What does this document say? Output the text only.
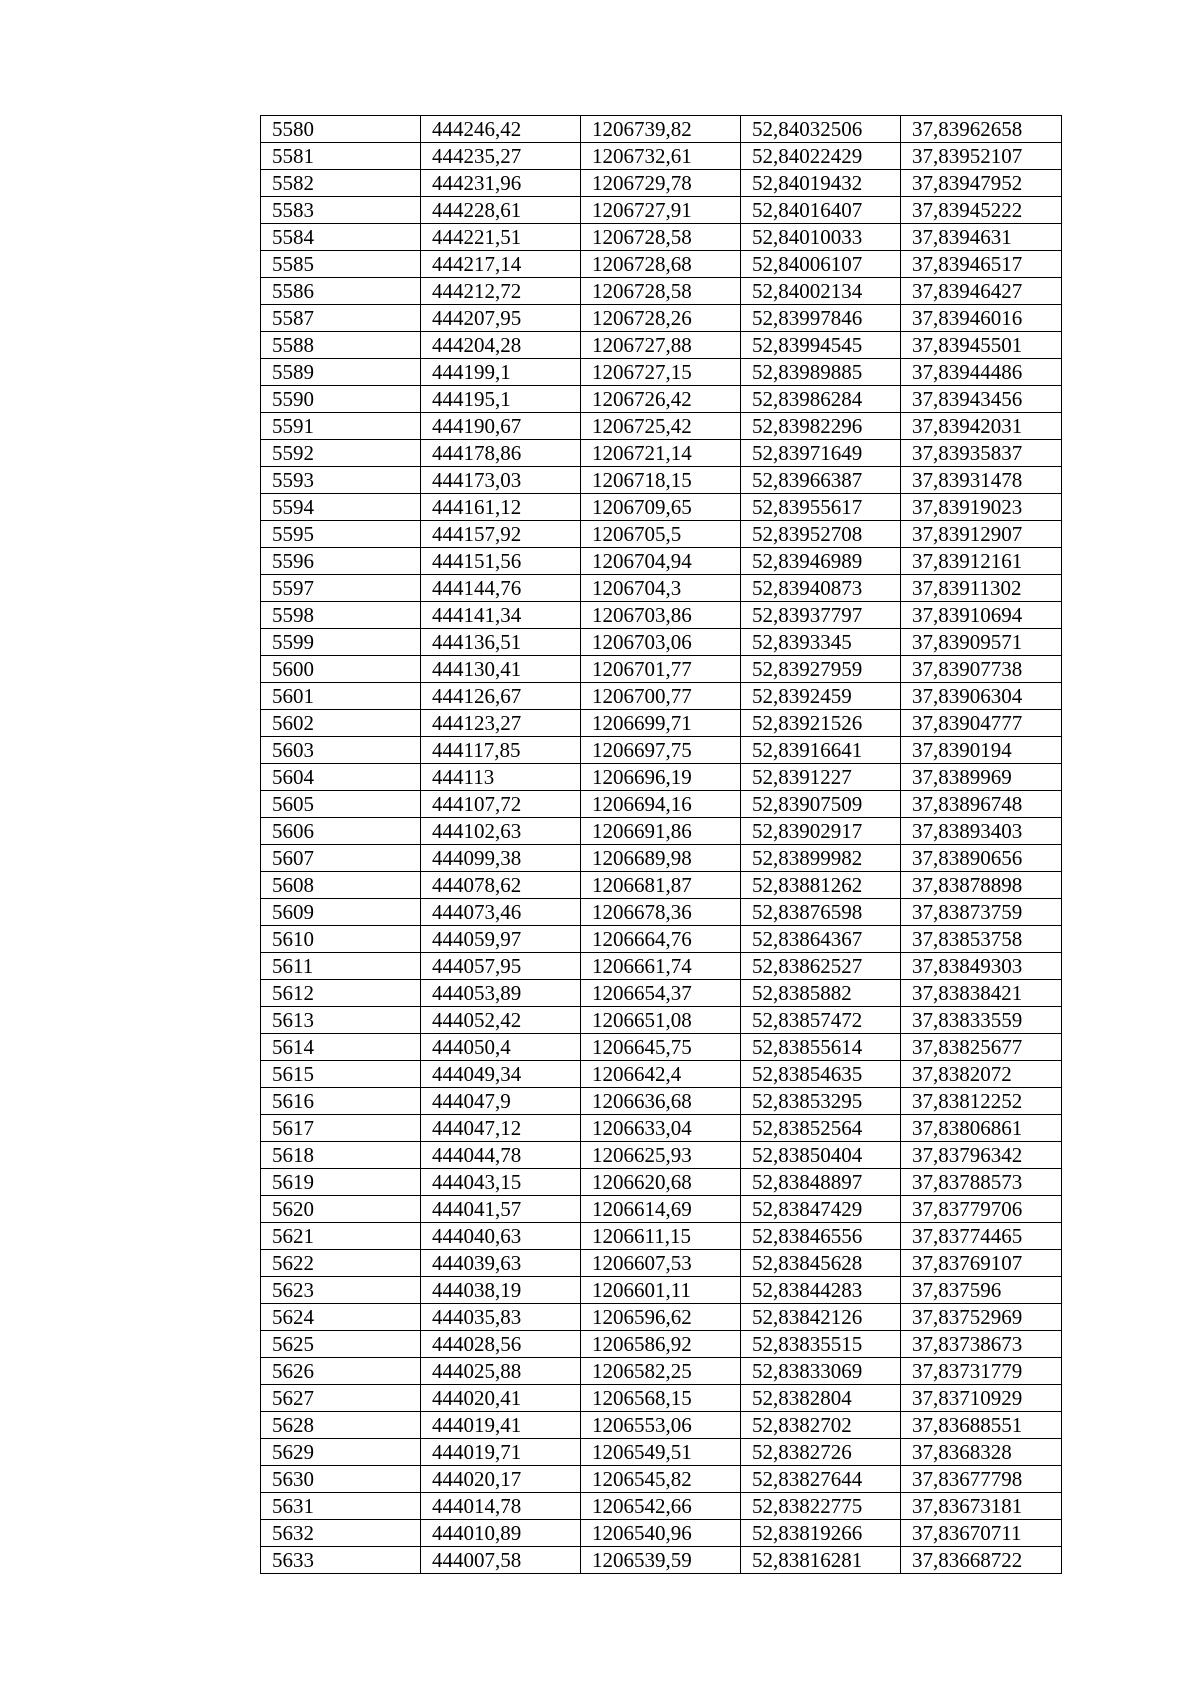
5580	444246,42	1206739,82	52,84032506	37,83962658
5581	444235,27	1206732,61	52,84022429	37,83952107
5582	444231,96	1206729,78	52,84019432	37,83947952
5583	444228,61	1206727,91	52,84016407	37,83945222
5584	444221,51	1206728,58	52,84010033	37,8394631
5585	444217,14	1206728,68	52,84006107	37,83946517
5586	444212,72	1206728,58	52,84002134	37,83946427
5587	444207,95	1206728,26	52,83997846	37,83946016
5588	444204,28	1206727,88	52,83994545	37,83945501
5589	444199,1	1206727,15	52,83989885	37,83944486
5590	444195,1	1206726,42	52,83986284	37,83943456
5591	444190,67	1206725,42	52,83982296	37,83942031
5592	444178,86	1206721,14	52,83971649	37,83935837
5593	444173,03	1206718,15	52,83966387	37,83931478
5594	444161,12	1206709,65	52,83955617	37,83919023
5595	444157,92	1206705,5	52,83952708	37,83912907
5596	444151,56	1206704,94	52,83946989	37,83912161
5597	444144,76	1206704,3	52,83940873	37,83911302
5598	444141,34	1206703,86	52,83937797	37,83910694
5599	444136,51	1206703,06	52,8393345	37,83909571
5600	444130,41	1206701,77	52,83927959	37,83907738
5601	444126,67	1206700,77	52,8392459	37,83906304
5602	444123,27	1206699,71	52,83921526	37,83904777
5603	444117,85	1206697,75	52,83916641	37,8390194
5604	444113	1206696,19	52,8391227	37,8389969
5605	444107,72	1206694,16	52,83907509	37,83896748
5606	444102,63	1206691,86	52,83902917	37,83893403
5607	444099,38	1206689,98	52,83899982	37,83890656
5608	444078,62	1206681,87	52,83881262	37,83878898
5609	444073,46	1206678,36	52,83876598	37,83873759
5610	444059,97	1206664,76	52,83864367	37,83853758
5611	444057,95	1206661,74	52,83862527	37,83849303
5612	444053,89	1206654,37	52,8385882	37,83838421
5613	444052,42	1206651,08	52,83857472	37,83833559
5614	444050,4	1206645,75	52,83855614	37,83825677
5615	444049,34	1206642,4	52,83854635	37,8382072
5616	444047,9	1206636,68	52,83853295	37,83812252
5617	444047,12	1206633,04	52,83852564	37,83806861
5618	444044,78	1206625,93	52,83850404	37,83796342
5619	444043,15	1206620,68	52,83848897	37,83788573
5620	444041,57	1206614,69	52,83847429	37,83779706
5621	444040,63	1206611,15	52,83846556	37,83774465
5622	444039,63	1206607,53	52,83845628	37,83769107
5623	444038,19	1206601,11	52,83844283	37,837596
5624	444035,83	1206596,62	52,83842126	37,83752969
5625	444028,56	1206586,92	52,83835515	37,83738673
5626	444025,88	1206582,25	52,83833069	37,83731779
5627	444020,41	1206568,15	52,8382804	37,83710929
5628	444019,41	1206553,06	52,8382702	37,83688551
5629	444019,71	1206549,51	52,8382726	37,8368328
5630	444020,17	1206545,82	52,83827644	37,83677798
5631	444014,78	1206542,66	52,83822775	37,83673181
5632	444010,89	1206540,96	52,83819266	37,83670711
5633	444007,58	1206539,59	52,83816281	37,83668722
